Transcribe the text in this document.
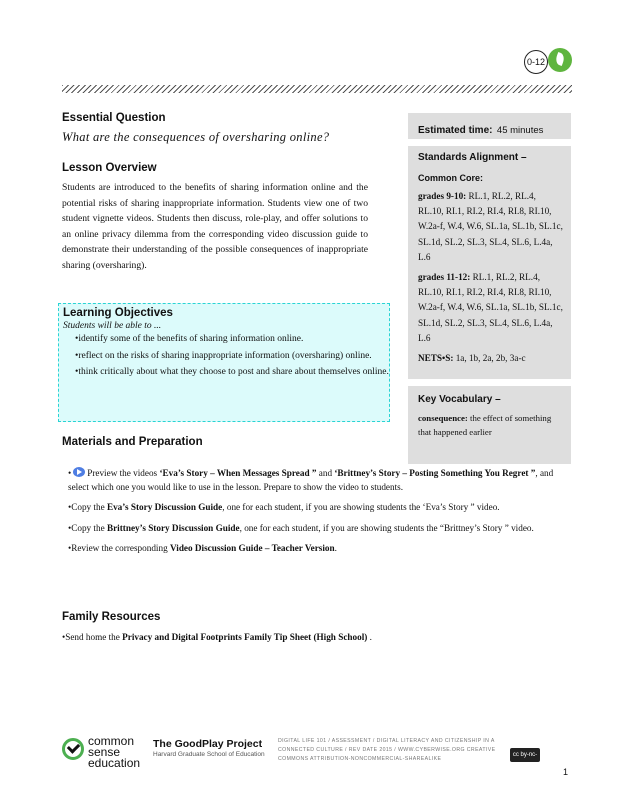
0-12
Essential Question
What are the consequences of oversharing online?
Lesson Overview

Students are introduced to the benefits of sharing information online and the potential risks of sharing inappropriate information. Students view one of two student vignette videos. Students then discuss, role-play, and offer solutions to an online privacy dilemma from the corresponding video discussion guide to demonstrate their understanding of the possible consequences of inappropriate sharing (oversharing).

Learning Objectives
Students will be able to ...
•identify some of the benefits of sharing information online.
•reflect on the risks of sharing inappropriate information (oversharing) online.
•think critically about what they choose to post and share about themselves online.
Materials and Preparation
• Preview the videos ‘Eva’s Story – When Messages Spread ” and ‘Brittney’s Story – Posting Something You Regret ”, and select which one you would like to use in the lesson. Prepare to show the video to students.
•Copy the Eva’s Story Discussion Guide, one for each student, if you are showing students the ‘Eva’s Story ” video.
•Copy the Brittney’s Story Discussion Guide, one for each student, if you are showing students the “Brittney’s Story ” video.
•Review the corresponding Video Discussion Guide – Teacher Version.
Family Resources
•Send home the Privacy and Digital Footprints Family Tip Sheet (High School) .
Estimated time: 45 minutes
Standards Alignment –
Common Core:
grades 9-10: RL.1, RL.2, RL.4, RL.10, RI.1, RI.2, RI.4, RI.8, RI.10, W.2a-f, W.4, W.6, SL.1a, SL.1b, SL.1c, SL.1d, SL.2, SL.3, SL.4, SL.6, L.4a, L.6
grades 11-12: RL.1, RL.2, RL.4, RL.10, RI.1, RI.2, RI.4, RI.8, RI.10, W.2a-f, W.4, W.6, SL.1a, SL.1b, SL.1c, SL.1d, SL.2, SL.3, SL.4, SL.6, L.4a, L.6
NETS•S: 1a, 1b, 2a, 2b, 3a-c
Key Vocabulary –
consequence: the effect of something that happened earlier
common
sense
education
The GoodPlay Project
Harvard Graduate School of Education
DIGITAL LIFE 101 / ASSESSMENT / DIGITAL LITERACY AND CITIZENSHIP IN A CONNECTED CULTURE / REV DATE 2015 / WWW.CYBERWISE.ORG CREATIVE COMMONS ATTRIBUTION-NONCOMMERCIAL-SHAREALIKE
cc by-nc-sa	1
